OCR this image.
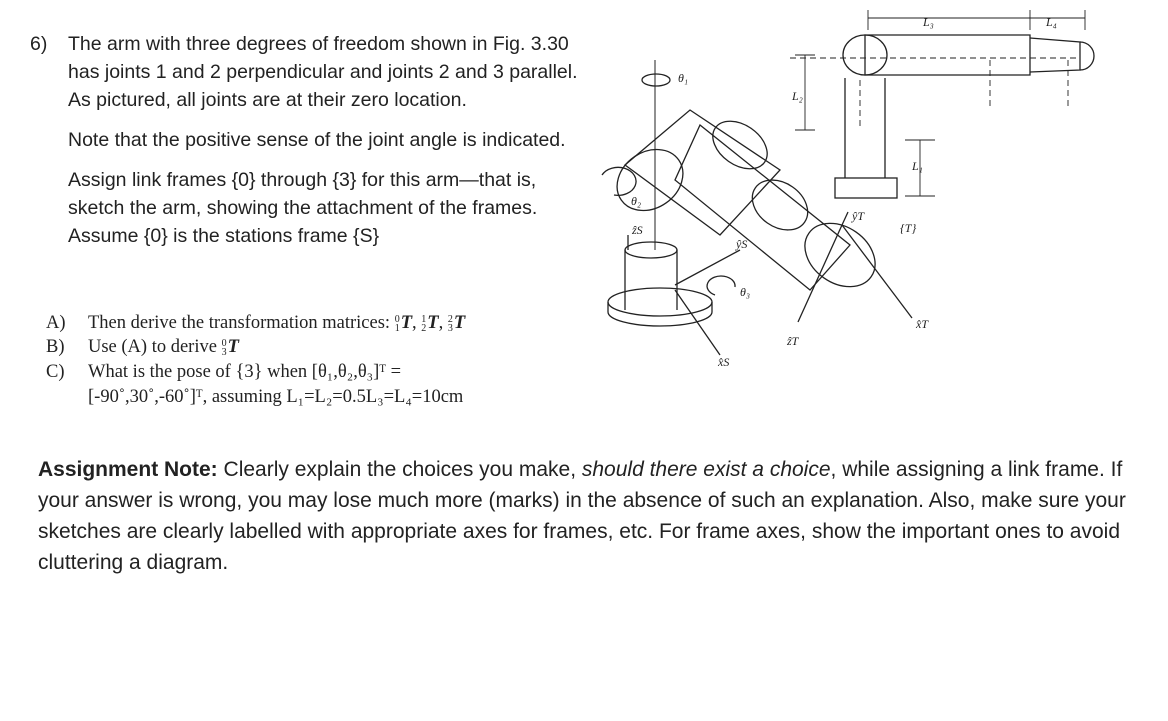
6) The arm with three degrees of freedom shown in Fig. 3.30 has joints 1 and 2 perpendicular and joints 2 and 3 parallel. As pictured, all joints are at their zero location.

Note that the positive sense of the joint angle is indicated.

Assign link frames {0} through {3} for this arm—that is, sketch the arm, showing the attachment of the frames. Assume {0} is the stations frame {S}

A) Then derive the transformation matrices: 0
1 T, 1
2 T, 2
3 T
B) Use (A) to derive 0
3 T
C) What is the pose of {3} when [θ₁,θ₂,θ₃]ᵀ =
[-90˚,30˚,-60˚]ᵀ, assuming L₁=L₂=0.5L₃=L₄=10cm
L₃	L₄
L₂
L₁
θ₁
θ₂
θ₃
ẑS
ŷS
x̂S
ŷT
ẑT
x̂T
{T}
Assignment Note: Clearly explain the choices you make, should there exist a choice, while assigning a link frame. If your answer is wrong, you may lose much more (marks) in the absence of such an explanation. Also, make sure your sketches are clearly labelled with appropriate axes for frames, etc. For frame axes, show the important ones to avoid cluttering a diagram.
